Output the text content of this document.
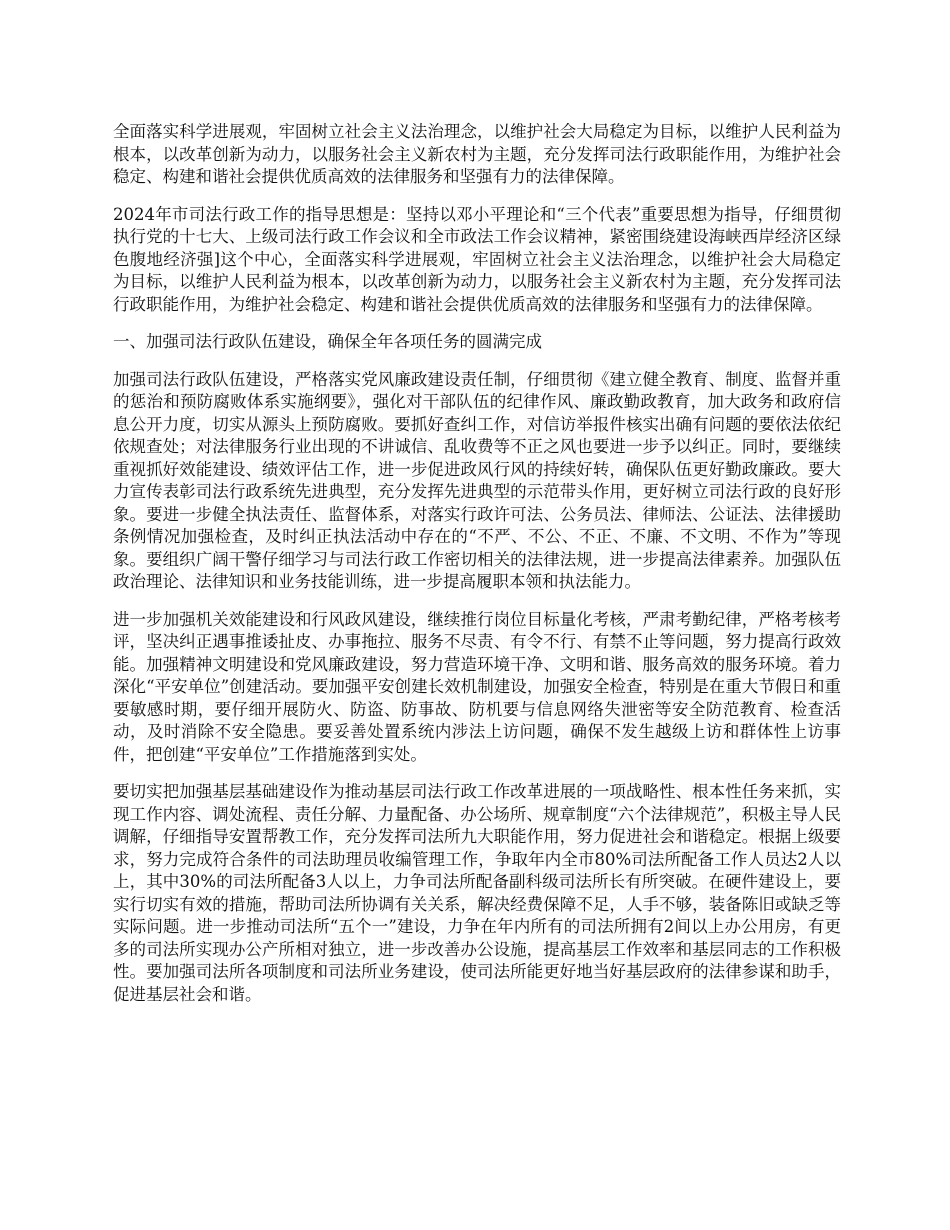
全面落实科学进展观，牢固树立社会主义法治理念，以维护社会大局稳定为目标，以维护人民利益为根本，以改革创新为动力，以服务社会主义新农村为主题，充分发挥司法行政职能作用，为维护社会稳定、构建和谐社会提供优质高效的法律服务和坚强有力的法律保障。

2024年市司法行政工作的指导思想是：坚持以邓小平理论和“三个代表”重要思想为指导，仔细贯彻执行党的十七大、上级司法行政工作会议和全市政法工作会议精神，紧密围绕建设海峡西岸经济区绿色腹地经济强]这个中心，全面落实科学进展观，牢固树立社会主义法治理念，以维护社会大局稳定为目标，以维护人民利益为根本，以改革创新为动力，以服务社会主义新农村为主题，充分发挥司法行政职能作用，为维护社会稳定、构建和谐社会提供优质高效的法律服务和坚强有力的法律保障。

一、加强司法行政队伍建设，确保全年各项任务的圆满完成

加强司法行政队伍建设，严格落实党风廉政建设责任制，仔细贯彻《建立健全教育、制度、监督并重的惩治和预防腐败体系实施纲要》，强化对干部队伍的纪律作风、廉政勤政教育，加大政务和政府信息公开力度，切实从源头上预防腐败。要抓好查纠工作，对信访举报件核实出确有问题的要依法依纪依规查处；对法律服务行业出现的不讲诚信、乱收费等不正之风也要进一步予以纠正。同时，要继续重视抓好效能建设、绩效评估工作，进一步促进政风行风的持续好转，确保队伍更好勤政廉政。要大力宣传表彰司法行政系统先进典型，充分发挥先进典型的示范带头作用，更好树立司法行政的良好形象。要进一步健全执法责任、监督体系，对落实行政许可法、公务员法、律师法、公证法、法律援助条例情况加强检查，及时纠正执法活动中存在的“不严、不公、不正、不廉、不文明、不作为”等现象。要组织广阔干警仔细学习与司法行政工作密切相关的法律法规，进一步提高法律素养。加强队伍政治理论、法律知识和业务技能训练，进一步提高履职本领和执法能力。

进一步加强机关效能建设和行风政风建设，继续推行岗位目标量化考核，严肃考勤纪律，严格考核考评，坚决纠正遇事推诿扯皮、办事拖拉、服务不尽责、有令不行、有禁不止等问题，努力提高行政效能。加强精神文明建设和党风廉政建设，努力营造环境干净、文明和谐、服务高效的服务环境。着力深化“平安单位”创建活动。要加强平安创建长效机制建设，加强安全检查，特别是在重大节假日和重要敏感时期，要仔细开展防火、防盗、防事故、防机要与信息网络失泄密等安全防范教育、检查活动，及时消除不安全隐患。要妥善处置系统内涉法上访问题，确保不发生越级上访和群体性上访事件，把创建“平安单位”工作措施落到实处。

要切实把加强基层基础建设作为推动基层司法行政工作改革进展的一项战略性、根本性任务来抓，实现工作内容、调处流程、责任分解、力量配备、办公场所、规章制度“六个法律规范”，积极主导人民调解，仔细指导安置帮教工作，充分发挥司法所九大职能作用，努力促进社会和谐稳定。根据上级要求，努力完成符合条件的司法助理员收编管理工作，争取年内全市80%司法所配备工作人员达2人以上，其中30%的司法所配备3人以上，力争司法所配备副科级司法所长有所突破。在硬件建设上，要实行切实有效的措施，帮助司法所协调有关关系，解决经费保障不足，人手不够，装备陈旧或缺乏等实际问题。进一步推动司法所“五个一”建设，力争在年内所有的司法所拥有2间以上办公用房，有更多的司法所实现办公产所相对独立，进一步改善办公设施，提高基层工作效率和基层同志的工作积极性。要加强司法所各项制度和司法所业务建设，使司法所能更好地当好基层政府的法律参谋和助手，促进基层社会和谐。
